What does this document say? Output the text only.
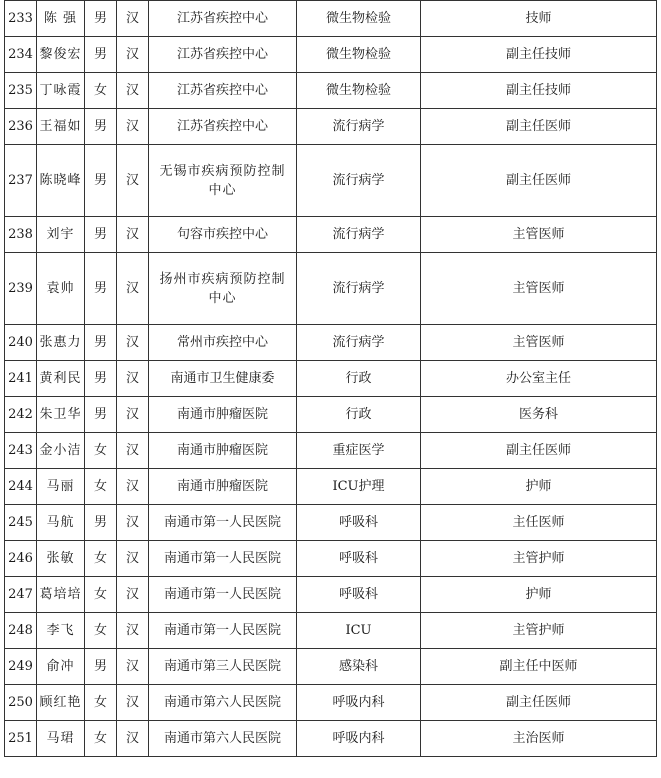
233	陈 强	男	汉	江苏省疾控中心	微生物检验	技师
234	黎俊宏	男	汉	江苏省疾控中心	微生物检验	副主任技师
235	丁咏霞	女	汉	江苏省疾控中心	微生物检验	副主任技师
236	王福如	男	汉	江苏省疾控中心	流行病学	副主任医师
237	陈晓峰	男	汉	无锡市疾病预防控制中心	流行病学	副主任医师
238	刘宇	男	汉	句容市疾控中心	流行病学	主管医师
239	袁帅	男	汉	扬州市疾病预防控制中心	流行病学	主管医师
240	张惠力	男	汉	常州市疾控中心	流行病学	主管医师
241	黄利民	男	汉	南通市卫生健康委	行政	办公室主任
242	朱卫华	男	汉	南通市肿瘤医院	行政	医务科
243	金小洁	女	汉	南通市肿瘤医院	重症医学	副主任医师
244	马丽	女	汉	南通市肿瘤医院	ICU护理	护师
245	马航	男	汉	南通市第一人民医院	呼吸科	主任医师
246	张敏	女	汉	南通市第一人民医院	呼吸科	主管护师
247	葛培培	女	汉	南通市第一人民医院	呼吸科	护师
248	李飞	女	汉	南通市第一人民医院	ICU	主管护师
249	俞冲	男	汉	南通市第三人民医院	感染科	副主任中医师
250	顾红艳	女	汉	南通市第六人民医院	呼吸内科	副主任医师
251	马珺	女	汉	南通市第六人民医院	呼吸内科	主治医师
